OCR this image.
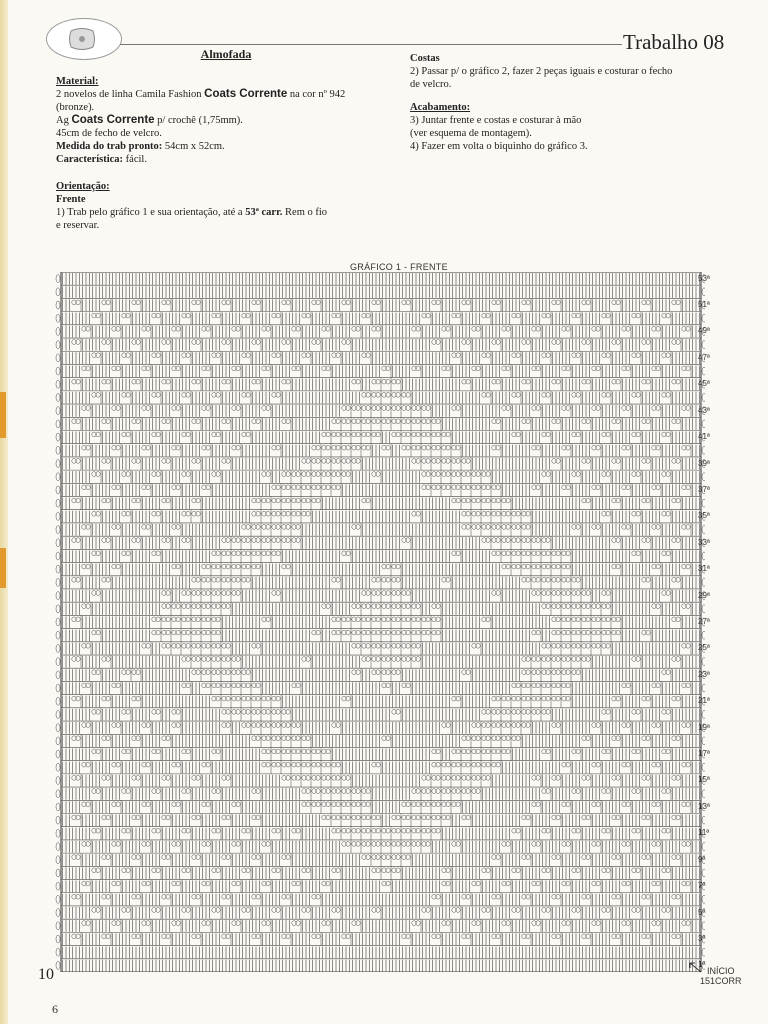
Trabalho 08

Almofada

Material:

2 novelos de linha Camila Fashion Coats Corrente na cor nº 942

(bronze).

Ag Coats Corrente p/ crochê (1,75mm).

45cm de fecho de velcro.

Medida do trab pronto: 54cm x 52cm.

Característica: fácil.

Orientação:

Frente

1) Trab pelo gráfico 1 e sua orientação, até a 53ª carr. Rem o fio

e reservar.

Costas

2) Passar p/ o gráfico 2, fazer 2 peças iguais e costurar o fecho

de velcro.

Acabamento:

3) Juntar frente e costas e costurar à mão

(ver esquema de montagem).

4) Fazer em volta o biquinho do gráfico 3.

GRÁFICO 1 - FRENTE
53ª
51ª
49ª
47ª
45ª
43ª
41ª
39ª
37ª
35ª
33ª
31ª
29ª
27ª
25ª
23ª
21ª
19ª
17ª
15ª
13ª
11ª
9ª
7ª
5ª
3ª
1ª
INÍCIO
151CORR
10
6
